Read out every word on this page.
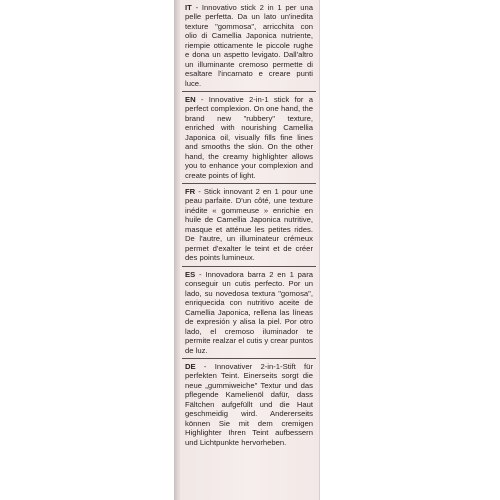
IT - Innovativo stick 2 in 1 per una pelle perfetta. Da un lato un'inedita texture "gommosa", arricchita con olio di Camellia Japonica nutriente, riempie otticamente le piccole rughe e dona un aspetto levigato. Dall'altro un illuminante cremoso permette di esaltare l'incarnato e creare punti luce.
EN - Innovative 2-in-1 stick for a perfect complexion. On one hand, the brand new "rubbery" texture, enriched with nourishing Camellia Japonica oil, visually fills fine lines and smooths the skin. On the other hand, the creamy highlighter allows you to enhance your complexion and create points of light.
FR - Stick innovant 2 en 1 pour une peau parfaite. D'un côté, une texture inédite « gommeuse » enrichie en huile de Camellia Japonica nutritive, masque et atténue les petites rides. De l'autre, un illuminateur crémeux permet d'exalter le teint et de créer des points lumineux.
ES - Innovadora barra 2 en 1 para conseguir un cutis perfecto. Por un lado, su novedosa textura "gomosa", enriquecida con nutritivo aceite de Camellia Japonica, rellena las líneas de expresión y alisa la piel. Por otro lado, el cremoso iluminador te permite realzar el cutis y crear puntos de luz.
DE - Innovativer 2-in-1-Stift für perfekten Teint. Einerseits sorgt die neue „gummiweiche" Textur und das pflegende Kamelienöl dafür, dass Fältchen aufgefüllt und die Haut geschmeidig wird. Andererseits können Sie mit dem cremigen Highlighter Ihren Teint aufbessern und Lichtpunkte hervorheben.
